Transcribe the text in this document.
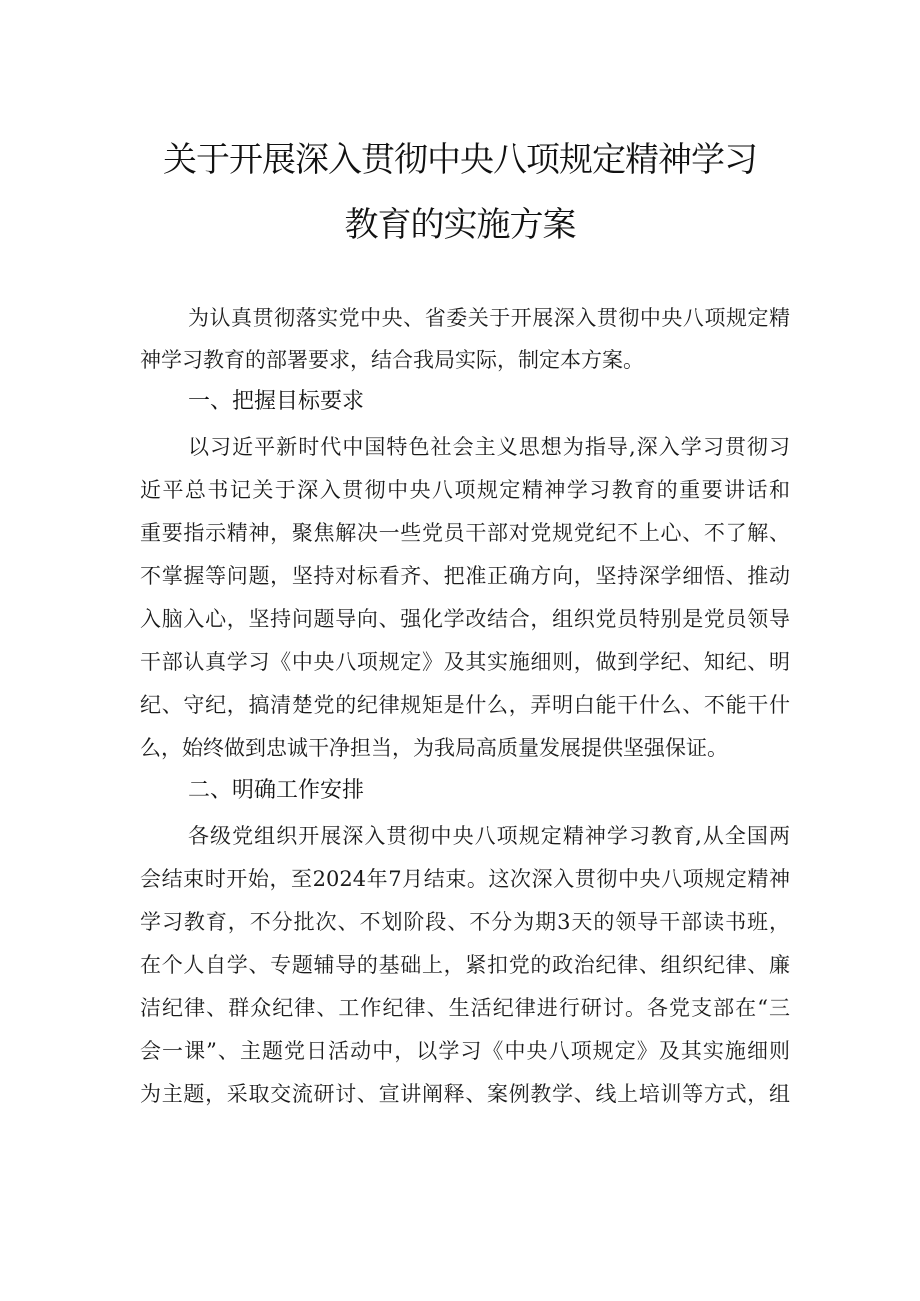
关于开展深入贯彻中央八项规定精神学习
教育的实施方案
为认真贯彻落实党中央、省委关于开展深入贯彻中央八项规定精
神学习教育的部署要求，结合我局实际，制定本方案。
一、把握目标要求
以习近平新时代中国特色社会主义思想为指导,深入学习贯彻习
近平总书记关于深入贯彻中央八项规定精神学习教育的重要讲话和
重要指示精神，聚焦解决一些党员干部对党规党纪不上心、不了解、
不掌握等问题，坚持对标看齐、把准正确方向，坚持深学细悟、推动
入脑入心，坚持问题导向、强化学改结合，组织党员特别是党员领导
干部认真学习《中央八项规定》及其实施细则，做到学纪、知纪、明
纪、守纪，搞清楚党的纪律规矩是什么，弄明白能干什么、不能干什
么，始终做到忠诚干净担当，为我局高质量发展提供坚强保证。
二、明确工作安排
各级党组织开展深入贯彻中央八项规定精神学习教育,从全国两
会结束时开始，至2024年7月结束。这次深入贯彻中央八项规定精神
学习教育，不分批次、不划阶段、不分为期3天的领导干部读书班，
在个人自学、专题辅导的基础上，紧扣党的政治纪律、组织纪律、廉
洁纪律、群众纪律、工作纪律、生活纪律进行研讨。各党支部在“三
会一课”、主题党日活动中，以学习《中央八项规定》及其实施细则
为主题，采取交流研讨、宣讲阐释、案例教学、线上培训等方式，组
